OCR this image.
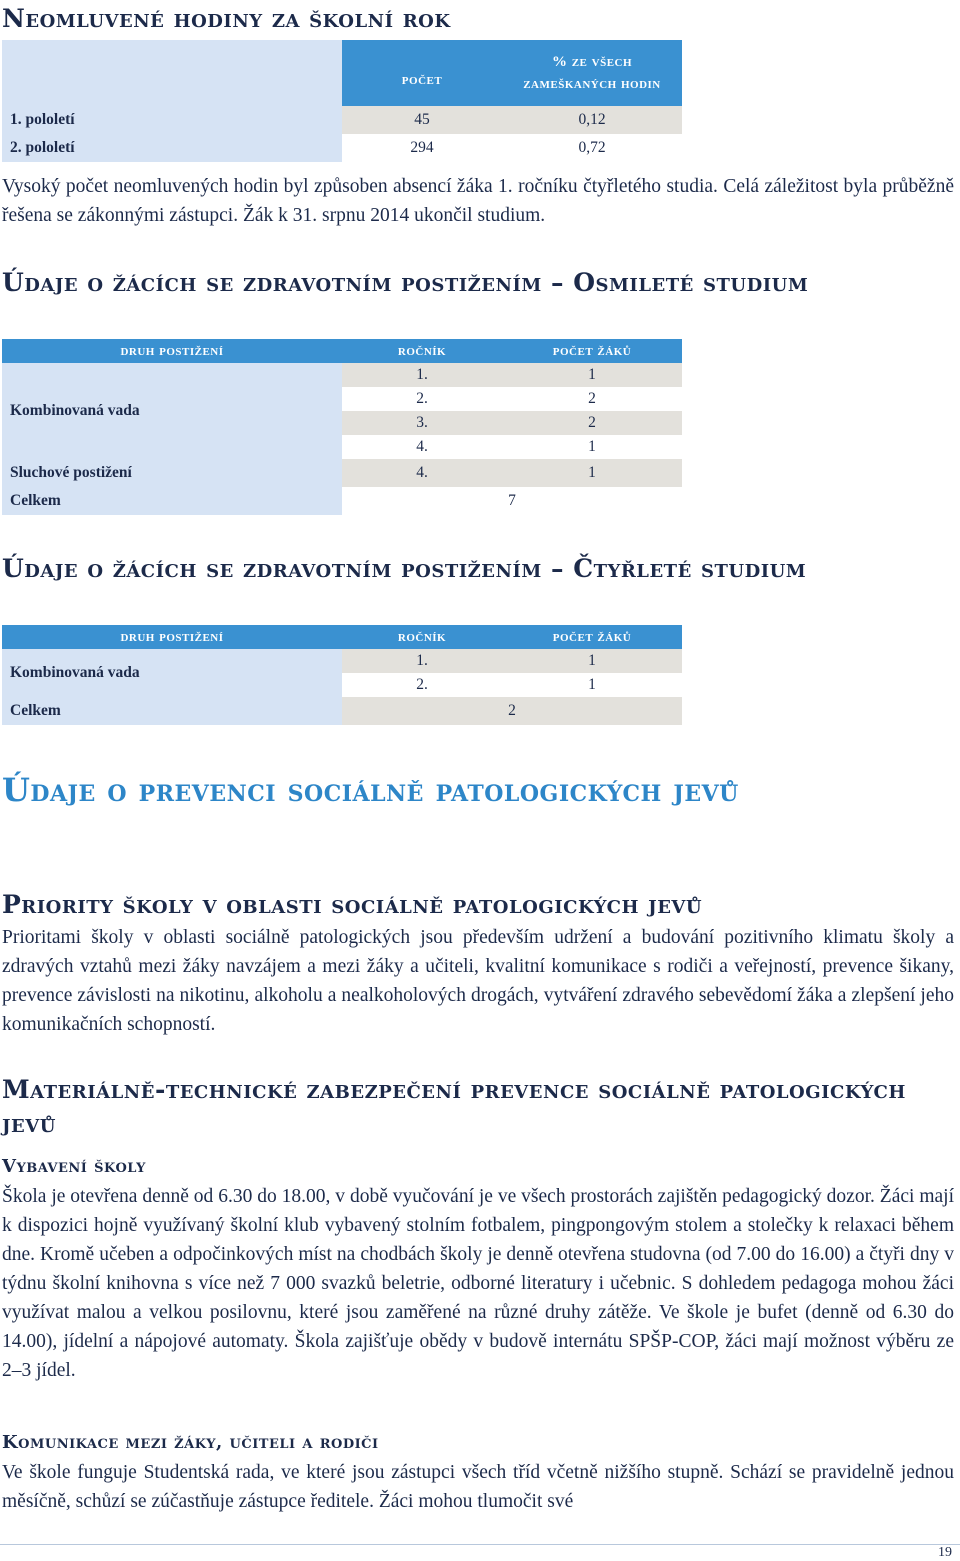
Neomluvené hodiny za školní rok
	počet	% ze všech zameškaných hodin
1. pololetí	45	0,12
2. pololetí	294	0,72

Vysoký počet neomluvených hodin byl způsoben absencí žáka 1. ročníku čtyřletého studia. Celá záležitost byla průběžně řešena se zákonnými zástupci. Žák k 31. srpnu 2014 ukončil studium.

Údaje o žácích se zdravotním postižením – Osmileté studium
druh postižení	ročník	počet žáků
Kombinovaná vada	1.	1
	2.	2
	3.	2
	4.	1
Sluchové postižení	4.	1
Celkem	7	
Údaje o žácích se zdravotním postižením – Čtyřleté studium
druh postižení	ročník	počet žáků
Kombinovaná vada	1.	1
	2.	1
Celkem	2	
Údaje o prevenci sociálně patologických jevů
Priority školy v oblasti sociálně patologických jevů

Prioritami školy v oblasti sociálně patologických jsou především udržení a budování pozitivního klimatu školy a zdravých vztahů mezi žáky navzájem a mezi žáky a učiteli, kvalitní komunikace s rodiči a veřejností, prevence šikany, prevence závislosti na nikotinu, alkoholu a nealkoholových drogách, vytváření zdravého sebevědomí žáka a zlepšení jeho komunikačních schopností.

Materiálně-technické zabezpečení prevence sociálně patologických jevů
Vybavení školy

Škola je otevřena denně od 6.30 do 18.00, v době vyučování je ve všech prostorách zajištěn pedagogický dozor. Žáci mají k dispozici hojně využívaný školní klub vybavený stolním fotbalem, pingpongovým stolem a stolečky k relaxaci během dne. Kromě učeben a odpočinkových míst na chodbách školy je denně otevřena studovna (od 7.00 do 16.00) a čtyři dny v týdnu školní knihovna s více než 7 000 svazků beletrie, odborné literatury i učebnic. S dohledem pedagoga mohou žáci využívat malou a velkou posilovnu, které jsou zaměřené na různé druhy zátěže. Ve škole je bufet (denně od 6.30 do 14.00), jídelní a nápojové automaty. Škola zajišťuje obědy v budově internátu SPŠP-COP, žáci mají možnost výběru ze 2–3 jídel.

Komunikace mezi žáky, učiteli a rodiči

Ve škole funguje Studentská rada, ve které jsou zástupci všech tříd včetně nižšího stupně. Schází se pravidelně jednou měsíčně, schůzí se zúčastňuje zástupce ředitele. Žáci mohou tlumočit své

19
